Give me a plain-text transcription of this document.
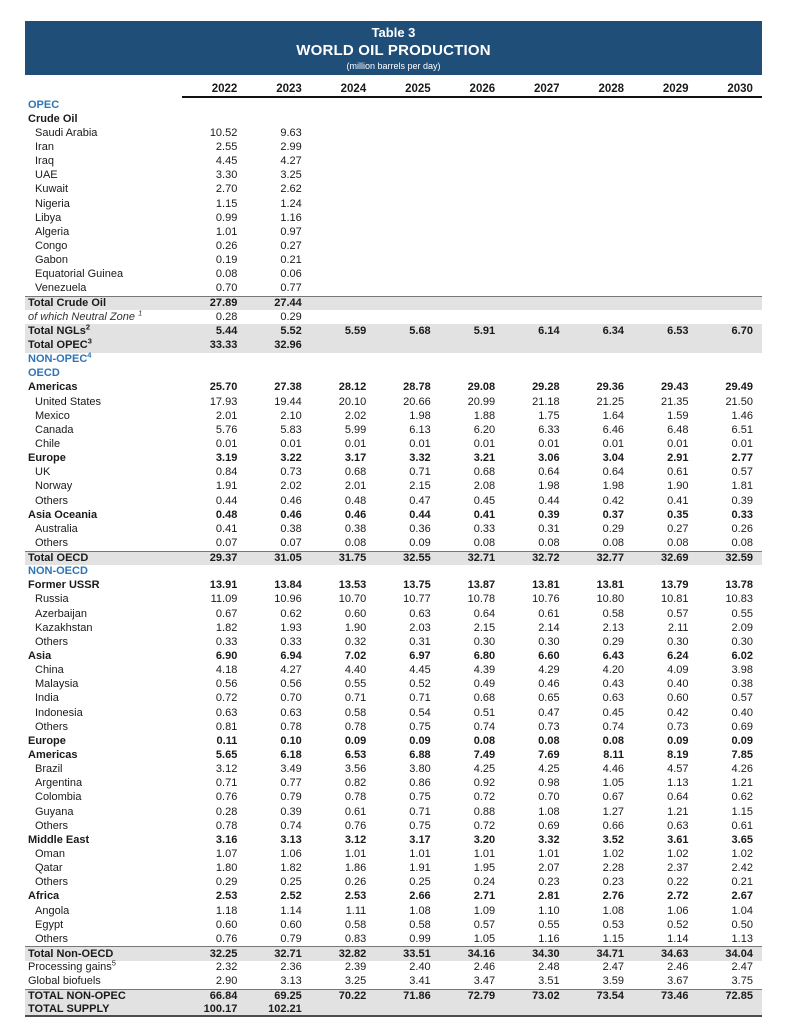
Table 3
WORLD OIL PRODUCTION
(million barrels per day)
2022	2023	2024	2025	2026	2027	2028	2029	2030
OPEC
Crude Oil
Saudi Arabia	10.52	9.63
Iran	2.55	2.99
Iraq	4.45	4.27
UAE	3.30	3.25
Kuwait	2.70	2.62
Nigeria	1.15	1.24
Libya	0.99	1.16
Algeria	1.01	0.97
Congo	0.26	0.27
Gabon	0.19	0.21
Equatorial Guinea	0.08	0.06
Venezuela	0.70	0.77
Total Crude Oil	27.89	27.44
of which Neutral Zone $^1$	0.28	0.29
Total NGLs$^2$	5.44	5.52	5.59	5.68	5.91	6.14	6.34	6.53	6.70
Total OPEC$^3$	33.33	32.96
NON-OPEC$^4$
OECD
Americas	25.70	27.38	28.12	28.78	29.08	29.28	29.36	29.43	29.49
United States	17.93	19.44	20.10	20.66	20.99	21.18	21.25	21.35	21.50
Mexico	2.01	2.10	2.02	1.98	1.88	1.75	1.64	1.59	1.46
Canada	5.76	5.83	5.99	6.13	6.20	6.33	6.46	6.48	6.51
Chile	0.01	0.01	0.01	0.01	0.01	0.01	0.01	0.01	0.01
Europe	3.19	3.22	3.17	3.32	3.21	3.06	3.04	2.91	2.77
UK	0.84	0.73	0.68	0.71	0.68	0.64	0.64	0.61	0.57
Norway	1.91	2.02	2.01	2.15	2.08	1.98	1.98	1.90	1.81
Others	0.44	0.46	0.48	0.47	0.45	0.44	0.42	0.41	0.39
Asia Oceania	0.48	0.46	0.46	0.44	0.41	0.39	0.37	0.35	0.33
Australia	0.41	0.38	0.38	0.36	0.33	0.31	0.29	0.27	0.26
Others	0.07	0.07	0.08	0.09	0.08	0.08	0.08	0.08	0.08
Total OECD	29.37	31.05	31.75	32.55	32.71	32.72	32.77	32.69	32.59
NON-OECD
Former USSR	13.91	13.84	13.53	13.75	13.87	13.81	13.81	13.79	13.78
Russia	11.09	10.96	10.70	10.77	10.78	10.76	10.80	10.81	10.83
Azerbaijan	0.67	0.62	0.60	0.63	0.64	0.61	0.58	0.57	0.55
Kazakhstan	1.82	1.93	1.90	2.03	2.15	2.14	2.13	2.11	2.09
Others	0.33	0.33	0.32	0.31	0.30	0.30	0.29	0.30	0.30
Asia	6.90	6.94	7.02	6.97	6.80	6.60	6.43	6.24	6.02
China	4.18	4.27	4.40	4.45	4.39	4.29	4.20	4.09	3.98
Malaysia	0.56	0.56	0.55	0.52	0.49	0.46	0.43	0.40	0.38
India	0.72	0.70	0.71	0.71	0.68	0.65	0.63	0.60	0.57
Indonesia	0.63	0.63	0.58	0.54	0.51	0.47	0.45	0.42	0.40
Others	0.81	0.78	0.78	0.75	0.74	0.73	0.74	0.73	0.69
Europe	0.11	0.10	0.09	0.09	0.08	0.08	0.08	0.09	0.09
Americas	5.65	6.18	6.53	6.88	7.49	7.69	8.11	8.19	7.85
Brazil	3.12	3.49	3.56	3.80	4.25	4.25	4.46	4.57	4.26
Argentina	0.71	0.77	0.82	0.86	0.92	0.98	1.05	1.13	1.21
Colombia	0.76	0.79	0.78	0.75	0.72	0.70	0.67	0.64	0.62
Guyana	0.28	0.39	0.61	0.71	0.88	1.08	1.27	1.21	1.15
Others	0.78	0.74	0.76	0.75	0.72	0.69	0.66	0.63	0.61
Middle East	3.16	3.13	3.12	3.17	3.20	3.32	3.52	3.61	3.65
Oman	1.07	1.06	1.01	1.01	1.01	1.01	1.02	1.02	1.02
Qatar	1.80	1.82	1.86	1.91	1.95	2.07	2.28	2.37	2.42
Others	0.29	0.25	0.26	0.25	0.24	0.23	0.23	0.22	0.21
Africa	2.53	2.52	2.53	2.66	2.71	2.81	2.76	2.72	2.67
Angola	1.18	1.14	1.11	1.08	1.09	1.10	1.08	1.06	1.04
Egypt	0.60	0.60	0.58	0.58	0.57	0.55	0.53	0.52	0.50
Others	0.76	0.79	0.83	0.99	1.05	1.16	1.15	1.14	1.13
Total Non-OECD	32.25	32.71	32.82	33.51	34.16	34.30	34.71	34.63	34.04
Processing gains$^5$	2.32	2.36	2.39	2.40	2.46	2.48	2.47	2.46	2.47
Global biofuels	2.90	3.13	3.25	3.41	3.47	3.51	3.59	3.67	3.75
TOTAL NON-OPEC	66.84	69.25	70.22	71.86	72.79	73.02	73.54	73.46	72.85
TOTAL SUPPLY	100.17	102.21
